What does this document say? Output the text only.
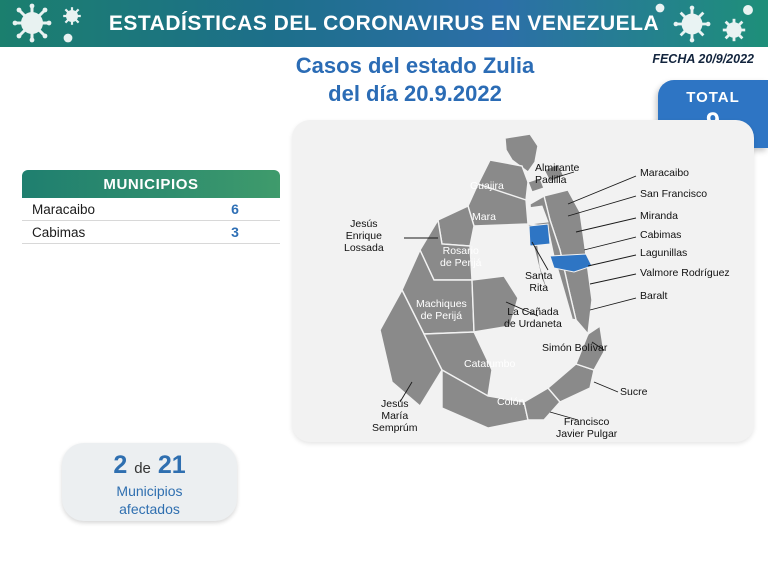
ESTADÍSTICAS DEL CORONAVIRUS EN VENEZUELA
FECHA 20/9/2022
Casos del estado Zulia
del día 20.9.2022	TOTAL
MUNICIPIOS
Maracaibo	6
Cabimas	3
Guajira
Mara
Rosario
de Perijá
Machiques
de Perijá
Catatumbo
Colón
Almirante
Padilla
Maracaibo
San Francisco
Miranda
Cabimas
Lagunillas
Valmore Rodríguez
Baralt
Jesús
Enrique
Lossada
Santa
Rita
La Cañada
de Urdaneta
Simón Bolívar
Sucre
Francisco
Javier Pulgar
Jesús
María
Semprúm
2 de 21
Municipios
afectados
